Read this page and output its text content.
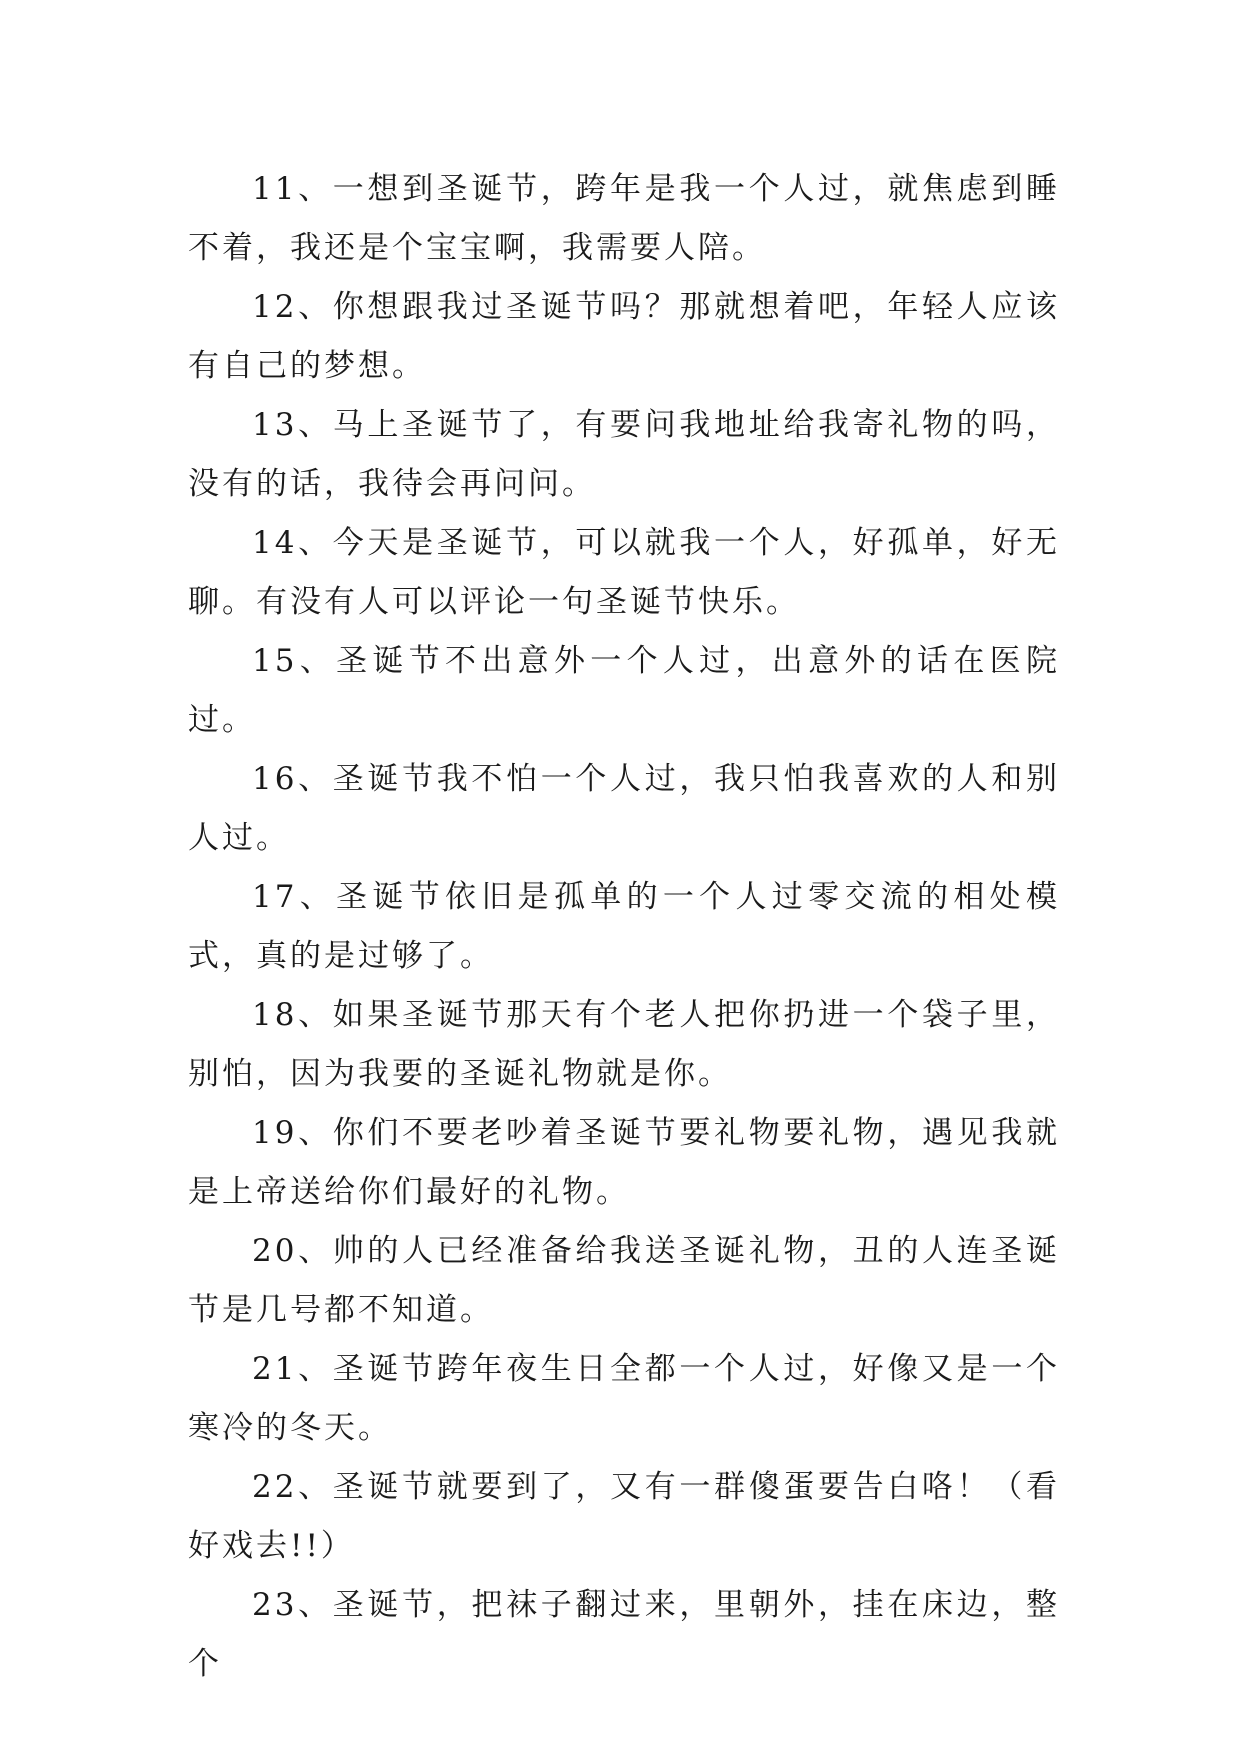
11、一想到圣诞节，跨年是我一个人过，就焦虑到睡不着，我还是个宝宝啊，我需要人陪。

12、你想跟我过圣诞节吗？那就想着吧，年轻人应该有自己的梦想。

13、马上圣诞节了，有要问我地址给我寄礼物的吗，没有的话，我待会再问问。

14、今天是圣诞节，可以就我一个人，好孤单，好无聊。有没有人可以评论一句圣诞节快乐。

15、圣诞节不出意外一个人过，出意外的话在医院过。

16、圣诞节我不怕一个人过，我只怕我喜欢的人和别人过。

17、圣诞节依旧是孤单的一个人过零交流的相处模式，真的是过够了。

18、如果圣诞节那天有个老人把你扔进一个袋子里，别怕，因为我要的圣诞礼物就是你。

19、你们不要老吵着圣诞节要礼物要礼物，遇见我就是上帝送给你们最好的礼物。

20、帅的人已经准备给我送圣诞礼物，丑的人连圣诞节是几号都不知道。

21、圣诞节跨年夜生日全都一个人过，好像又是一个寒冷的冬天。

22、圣诞节就要到了，又有一群傻蛋要告白咯！（看好戏去!!）

23、圣诞节，把袜子翻过来，里朝外，挂在床边，整个
